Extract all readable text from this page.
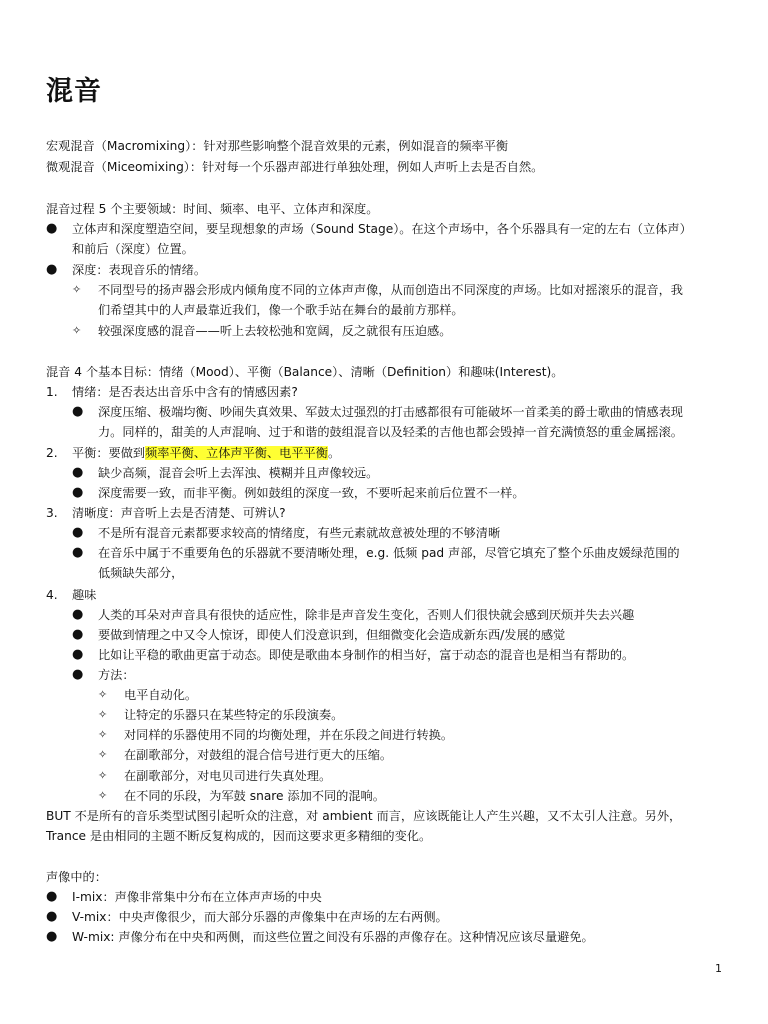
混音

宏观混音（Macromixing）：针对那些影响整个混音效果的元素，例如混音的频率平衡

微观混音（Miceomixing）：针对每一个乐器声部进行单独处理，例如人声听上去是否自然。

混音过程 5 个主要领域：时间、频率、电平、立体声和深度。

● 立体声和深度塑造空间，要呈现想象的声场（Sound Stage）。在这个声场中，各个乐器具有一定的左右（立体声）
和前后（深度）位置。
● 深度：表现音乐的情绪。
✧ 不同型号的扬声器会形成内倾角度不同的立体声声像，从而创造出不同深度的声场。比如对摇滚乐的混音，我
们希望其中的人声最靠近我们，像一个歌手站在舞台的最前方那样。
✧ 较强深度感的混音——听上去较松弛和宽阔，反之就很有压迫感。

混音 4 个基本目标：情绪（Mood）、平衡（Balance）、清晰（Definition）和趣味(Interest)。

1. 情绪：是否表达出音乐中含有的情感因素?
● 深度压缩、极端均衡、吵闹失真效果、军鼓太过强烈的打击感都很有可能破坏一首柔美的爵士歌曲的情感表现
力。同样的，甜美的人声混响、过于和谐的鼓组混音以及轻柔的吉他也都会毁掉一首充满愤怒的重金属摇滚。
2. 平衡：要做到频率平衡、立体声平衡、电平平衡。
● 缺少高频，混音会听上去浑浊、模糊并且声像较远。
● 深度需要一致，而非平衡。例如鼓组的深度一致，不要听起来前后位置不一样。
3. 清晰度：声音听上去是否清楚、可辨认?
● 不是所有混音元素都要求较高的情绪度，有些元素就故意被处理的不够清晰
● 在音乐中属于不重要角色的乐器就不要清晰处理，e.g. 低频 pad 声部，尽管它填充了整个乐曲皮媛绿范围的
低频缺失部分，
4. 趣味
● 人类的耳朵对声音具有很快的适应性，除非是声音发生变化，否则人们很快就会感到厌烦并失去兴趣
● 要做到情理之中又令人惊讶，即使人们没意识到，但细微变化会造成新东西/发展的感觉
● 比如让平稳的歌曲更富于动态。即使是歌曲本身制作的相当好，富于动态的混音也是相当有帮助的。
● 方法：
✧ 电平自动化。
✧ 让特定的乐器只在某些特定的乐段演奏。
✧ 对同样的乐器使用不同的均衡处理，并在乐段之间进行转换。
✧ 在副歌部分，对鼓组的混合信号进行更大的压缩。
✧ 在副歌部分，对电贝司进行失真处理。
✧ 在不同的乐段，为军鼓 snare 添加不同的混响。

BUT 不是所有的音乐类型试图引起听众的注意，对 ambient 而言，应该既能让人产生兴趣，又不太引人注意。另外，

Trance 是由相同的主题不断反复构成的，因而这要求更多精细的变化。

声像中的：

● I-mix：声像非常集中分布在立体声声场的中央
● V-mix：中央声像很少，而大部分乐器的声像集中在声场的左右两侧。
● W-mix: 声像分布在中央和两侧，而这些位置之间没有乐器的声像存在。这种情况应该尽量避免。
1
